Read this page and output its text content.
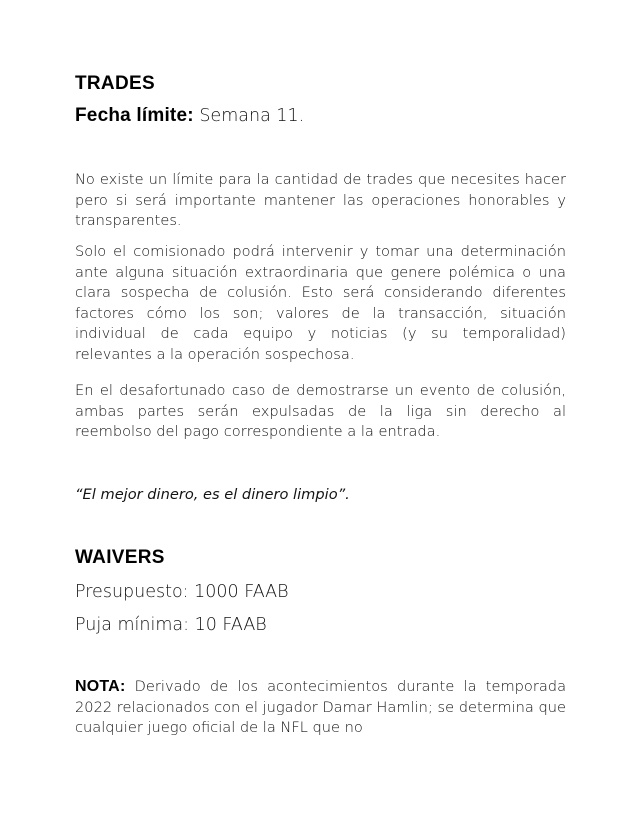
TRADES

Fecha límite: Semana 11.

No existe un límite para la cantidad de trades que necesites hacer pero si será importante mantener las operaciones honorables y transparentes.

Solo el comisionado podrá intervenir y tomar una determinación ante alguna situación extraordinaria que genere polémica o una clara sospecha de colusión. Esto será considerando diferentes factores cómo los son; valores de la transacción, situación individual de cada equipo y noticias (y su temporalidad) relevantes a la operación sospechosa.

En el desafortunado caso de demostrarse un evento de colusión, ambas partes serán expulsadas de la liga sin derecho al reembolso del pago correspondiente a la entrada.

“El mejor dinero, es el dinero limpio”.

WAIVERS

Presupuesto: 1000 FAAB

Puja mínima: 10 FAAB

NOTA: Derivado de los acontecimientos durante la temporada 2022 relacionados con el jugador Damar Hamlin; se determina que cualquier juego oficial de la NFL que no
